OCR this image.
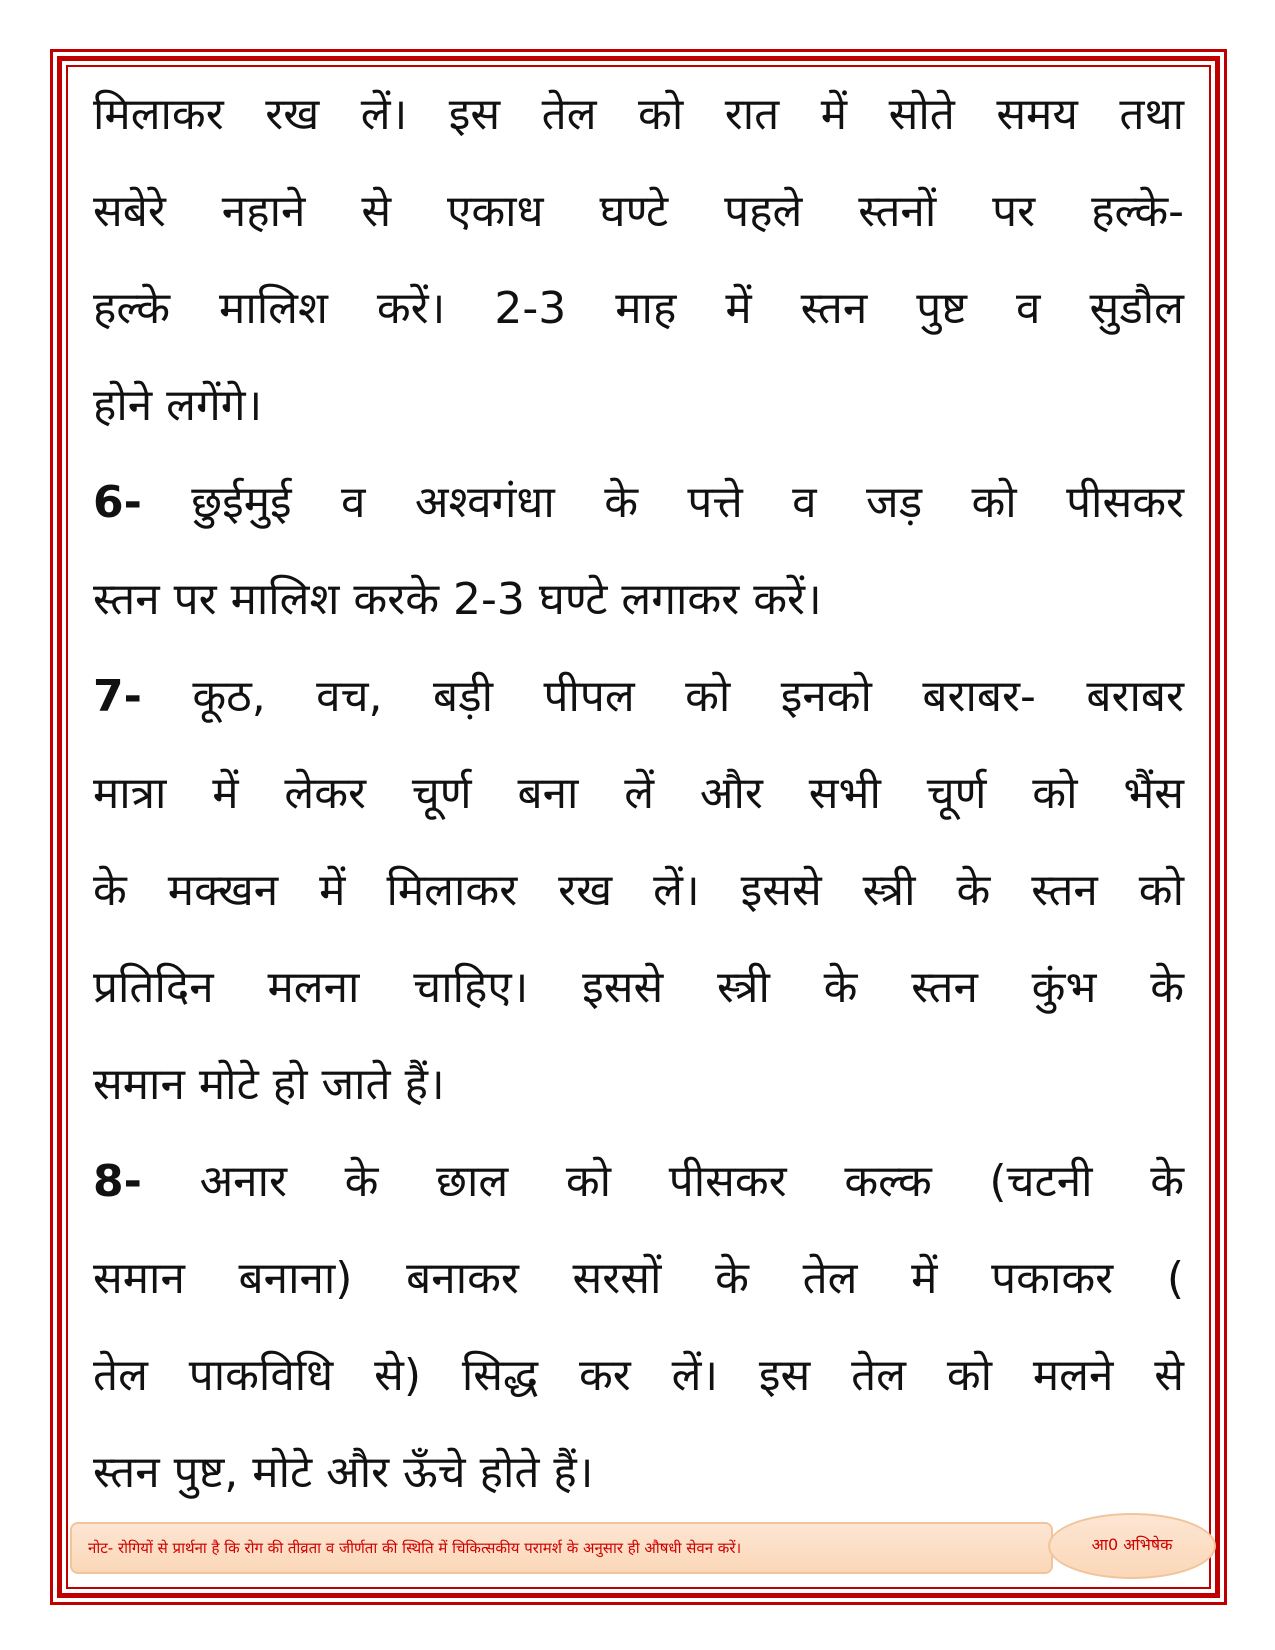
मिलाकर रख लें। इस तेल को रात में सोते समय तथा
सबेरे नहाने से एकाध घण्टे पहले स्तनों पर हल्के-
हल्के मालिश करें। 2-3 माह में स्तन पुष्ट व सुडौल
होने लगेंगे।
6- छुईमुई व अश्वगंधा के पत्ते व जड़ को पीसकर
स्तन पर मालिश करके 2-3 घण्टे लगाकर करें।
7- कूठ, वच, बड़ी पीपल को इनको बराबर- बराबर
मात्रा में लेकर चूर्ण बना लें और सभी चूर्ण को भैंस
के मक्खन में मिलाकर रख लें। इससे स्त्री के स्तन को
प्रतिदिन मलना चाहिए। इससे स्त्री के स्तन कुंभ के
समान मोटे हो जाते हैं।
8- अनार के छाल को पीसकर कल्क (चटनी के
समान बनाना) बनाकर सरसों के तेल में पकाकर (
तेल पाकविधि से) सिद्ध कर लें। इस तेल को मलने से
स्तन पुष्ट, मोटे और ऊँचे होते हैं।
नोट- रोगियों से प्रार्थना है कि रोग की तीव्रता व जीर्णता की स्थिति में चिकित्सकीय परामर्श के अनुसार ही औषधी सेवन करें।	आ0 अभिषेक
